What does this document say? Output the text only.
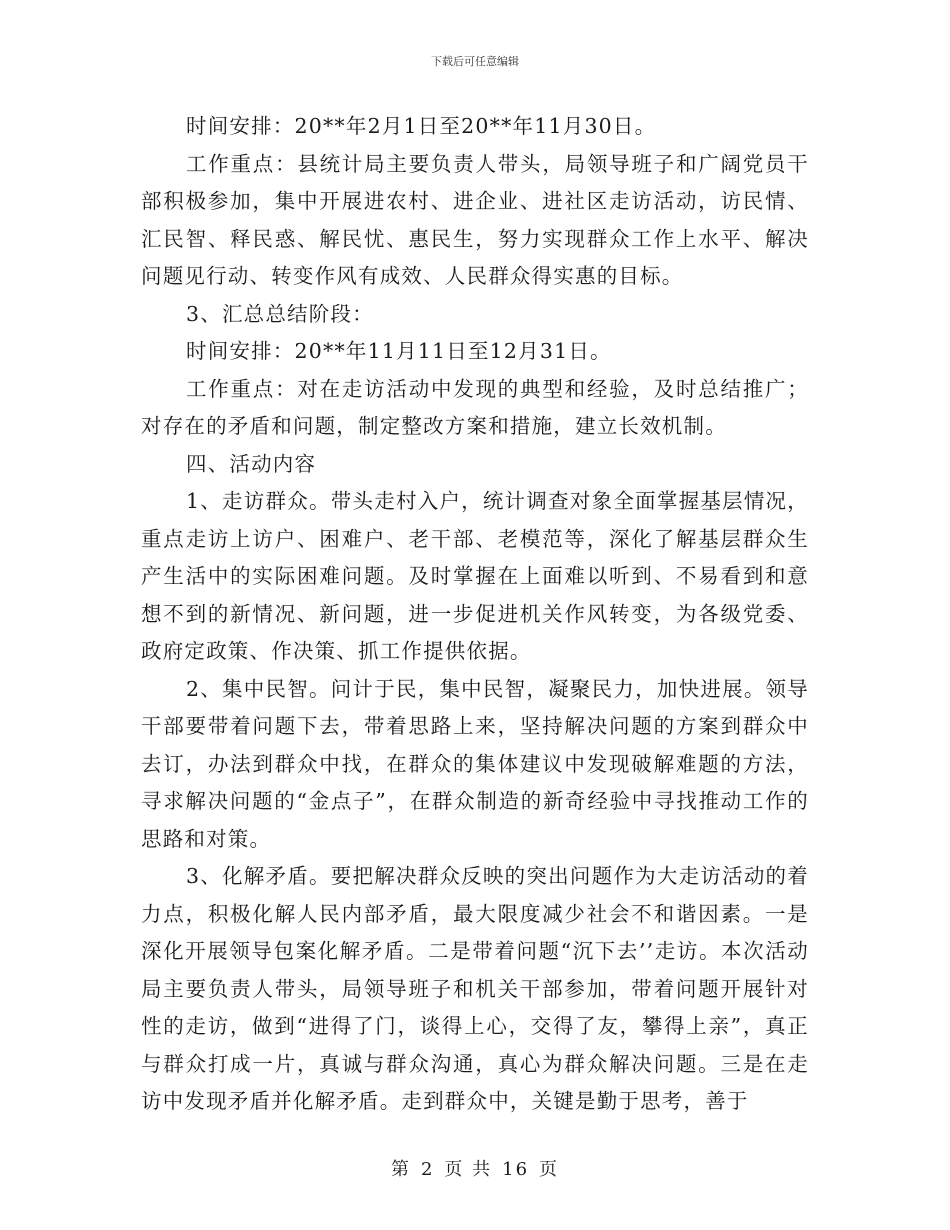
下载后可任意编辑

时间安排：20**年2月1日至20**年11月30日。

工作重点：县统计局主要负责人带头，局领导班子和广阔党员干部积极参加，集中开展进农村、进企业、进社区走访活动，访民情、汇民智、释民惑、解民忧、惠民生，努力实现群众工作上水平、解决问题见行动、转变作风有成效、人民群众得实惠的目标。

3、汇总总结阶段：

时间安排：20**年11月11日至12月31日。

工作重点：对在走访活动中发现的典型和经验，及时总结推广；对存在的矛盾和问题，制定整改方案和措施，建立长效机制。

四、活动内容

1、走访群众。带头走村入户，统计调查对象全面掌握基层情况，重点走访上访户、困难户、老干部、老模范等，深化了解基层群众生产生活中的实际困难问题。及时掌握在上面难以听到、不易看到和意想不到的新情况、新问题，进一步促进机关作风转变，为各级党委、政府定政策、作决策、抓工作提供依据。

2、集中民智。问计于民，集中民智，凝聚民力，加快进展。领导干部要带着问题下去，带着思路上来，坚持解决问题的方案到群众中去订，办法到群众中找，在群众的集体建议中发现破解难题的方法，寻求解决问题的“金点子”，在群众制造的新奇经验中寻找推动工作的思路和对策。

3、化解矛盾。要把解决群众反映的突出问题作为大走访活动的着力点，积极化解人民内部矛盾，最大限度减少社会不和谐因素。一是深化开展领导包案化解矛盾。二是带着问题“沉下去’’走访。本次活动局主要负责人带头，局领导班子和机关干部参加，带着问题开展针对性的走访，做到“进得了门，谈得上心，交得了友，攀得上亲”，真正与群众打成一片，真诚与群众沟通，真心为群众解决问题。三是在走访中发现矛盾并化解矛盾。走到群众中，关键是勤于思考，善于

第 2 页 共 16 页
